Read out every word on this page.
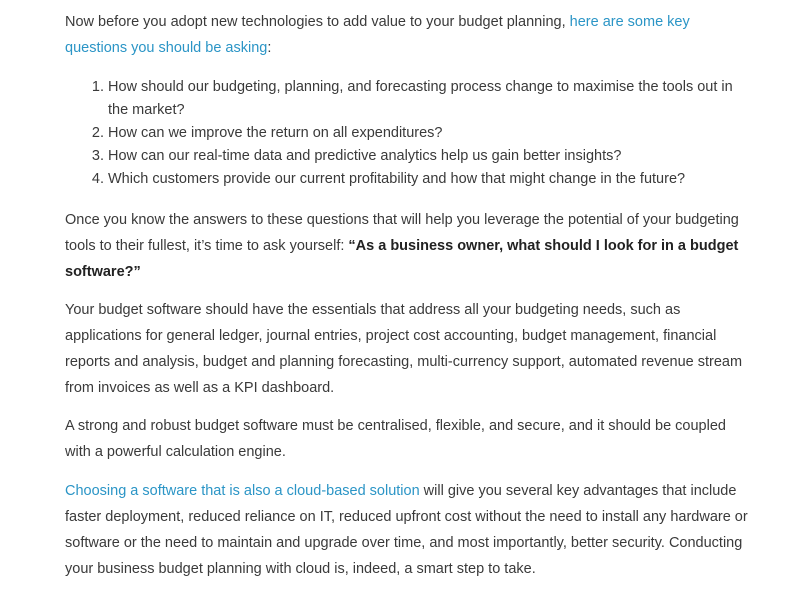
Now before you adopt new technologies to add value to your budget planning, here are some key questions you should be asking:

1. How should our budgeting, planning, and forecasting process change to maximise the tools out in the market?
2. How can we improve the return on all expenditures?
3. How can our real-time data and predictive analytics help us gain better insights?
4. Which customers provide our current profitability and how that might change in the future?

Once you know the answers to these questions that will help you leverage the potential of your budgeting tools to their fullest, it’s time to ask yourself: “As a business owner, what should I look for in a budget software?”

Your budget software should have the essentials that address all your budgeting needs, such as applications for general ledger, journal entries, project cost accounting, budget management, financial reports and analysis, budget and planning forecasting, multi-currency support, automated revenue stream from invoices as well as a KPI dashboard.

A strong and robust budget software must be centralised, flexible, and secure, and it should be coupled with a powerful calculation engine.

Choosing a software that is also a cloud-based solution will give you several key advantages that include faster deployment, reduced reliance on IT, reduced upfront cost without the need to install any hardware or software or the need to maintain and upgrade over time, and most importantly, better security. Conducting your business budget planning with cloud is, indeed, a smart step to take.
